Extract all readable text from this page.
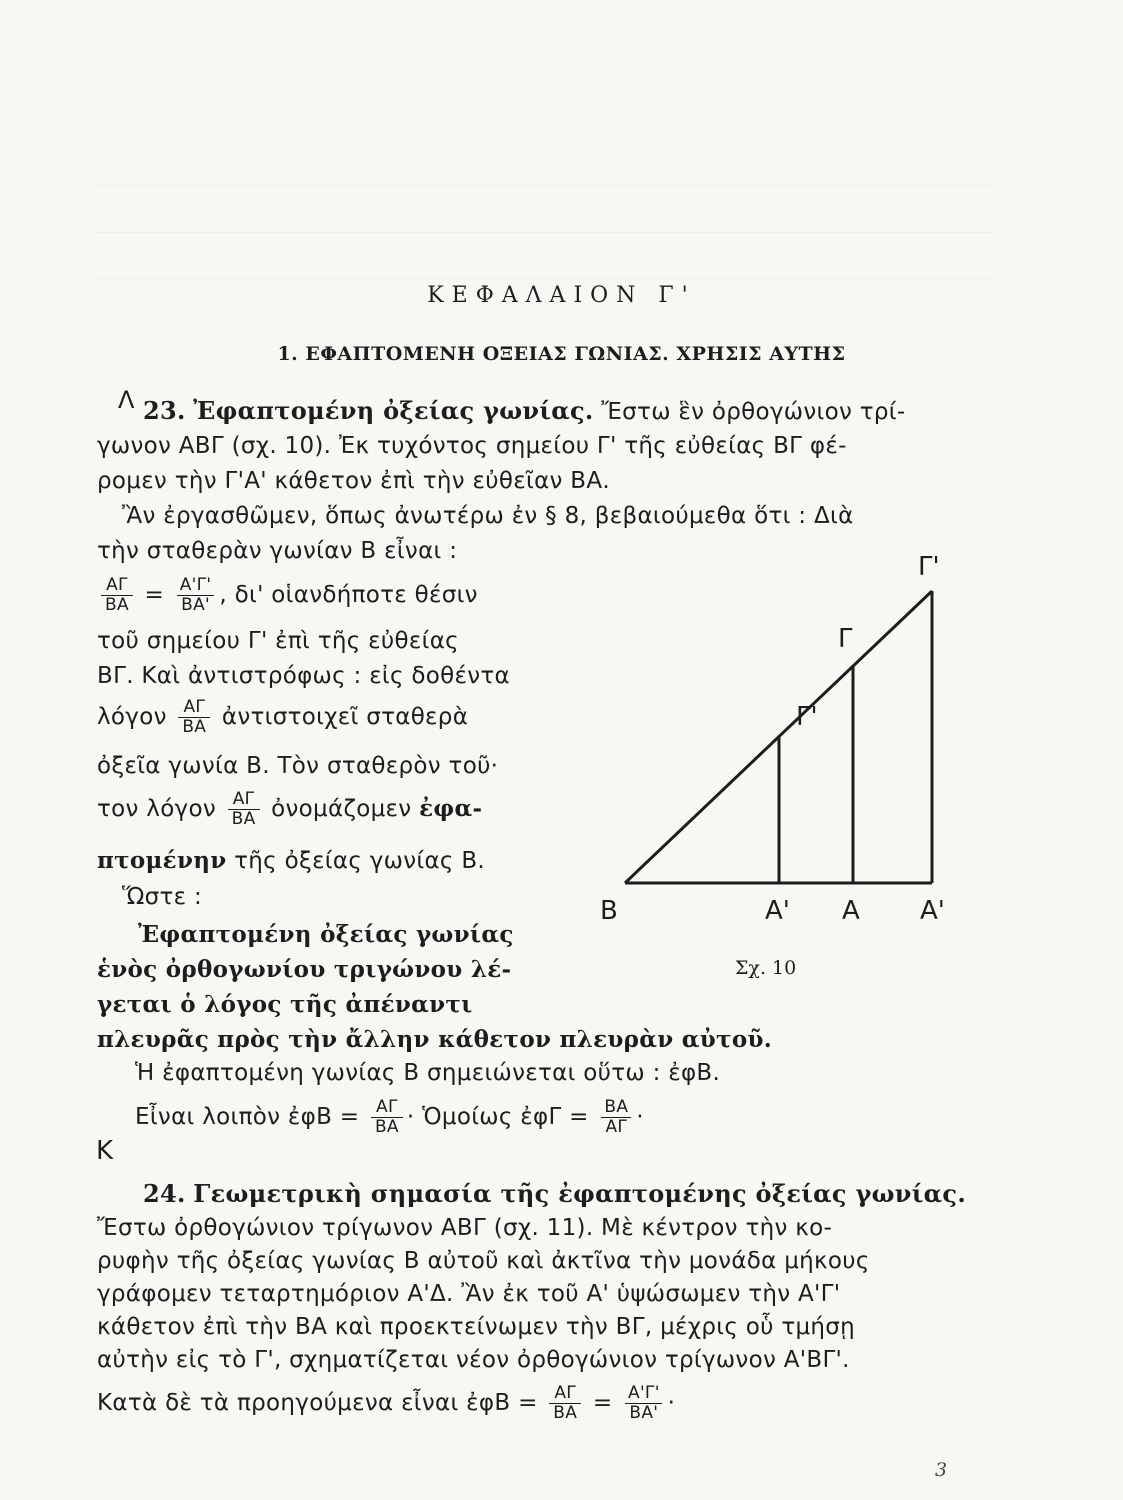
ΚΕΦΑΛΑΙΟΝ Γ'
1. ΕΦΑΠΤΟΜΕΝΗ ΟΞΕΙΑΣ ΓΩΝΙΑΣ. ΧΡΗΣΙΣ ΑΥΤΗΣ
Λ 23. Ἐφαπτομένη ὀξείας γωνίας. Ἔστω ἓν ὀρθογώνιον τρί-
γωνον ΑΒΓ (σχ. 10). Ἐκ τυχόντος σημείου Γ' τῆς εὐθείας ΒΓ φέ-
ρομεν τὴν Γ'Α' κάθετον ἐπὶ τὴν εὐθεῖαν ΒΑ.
Ἂν ἐργασθῶμεν, ὅπως ἀνωτέρω ἐν § 8, βεβαιούμεθα ὅτι : Διὰ
τὴν σταθερὰν γωνίαν Β εἶναι :
$\frac{A\Gamma}{BA} = \frac{A'\Gamma'}{BA'}$ , δι' οἱανδήποτε θέσιν
τοῦ σημείου Γ' ἐπὶ τῆς εὐθείας
ΒΓ. Καὶ ἀντιστρόφως : εἰς δοθέντα
λόγον $\frac{A\Gamma}{BA}$ ἀντιστοιχεῖ σταθερὰ
ὀξεῖα γωνία Β. Τὸν σταθερὸν τοῦ·
τον λόγον $\frac{A\Gamma}{BA}$ ὀνομάζομεν ἐφα-
πτομένην τῆς ὀξείας γωνίας Β.
Ὥστε :
Ἐφαπτομένη ὀξείας γωνίας
ἑνὸς ὀρθογωνίου τριγώνου λέ-
γεται ὁ λόγος τῆς ἀπέναντι
πλευρᾶς πρὸς τὴν ἄλλην κάθετον πλευρὰν αὐτοῦ.
Ἡ ἐφαπτομένη γωνίας Β σημειώνεται οὕτω : ἐφΒ.
Εἶναι λοιπὸν ἐφΒ = $\frac{A\Gamma}{BA}$ · Ὁμοίως ἐφΓ = $\frac{BA}{A\Gamma}$ ·
Κ
24. Γεωμετρικὴ σημασία τῆς ἐφαπτομένης ὀξείας γωνίας.
Ἔστω ὀρθογώνιον τρίγωνον ΑΒΓ (σχ. 11). Μὲ κέντρον τὴν κο-
ρυφὴν τῆς ὀξείας γωνίας Β αὐτοῦ καὶ ἀκτῖνα τὴν μονάδα μήκους
γράφομεν τεταρτημόριον Α'Δ. Ἂν ἐκ τοῦ Α' ὑψώσωμεν τὴν Α'Γ'
κάθετον ἐπὶ τὴν ΒΑ καὶ προεκτείνωμεν τὴν ΒΓ, μέχρις οὗ τμήσῃ
αὐτὴν εἰς τὸ Γ', σχηματίζεται νέον ὀρθογώνιον τρίγωνον Α'ΒΓ'.
Κατὰ δὲ τὰ προηγούμενα εἶναι ἐφΒ = $\frac{A\Gamma}{BA} = \frac{A'\Gamma'}{BA'}$ ·
Β	Α' Α Α'
Γ'
Γ
Γ'
Σχ. 10
3
